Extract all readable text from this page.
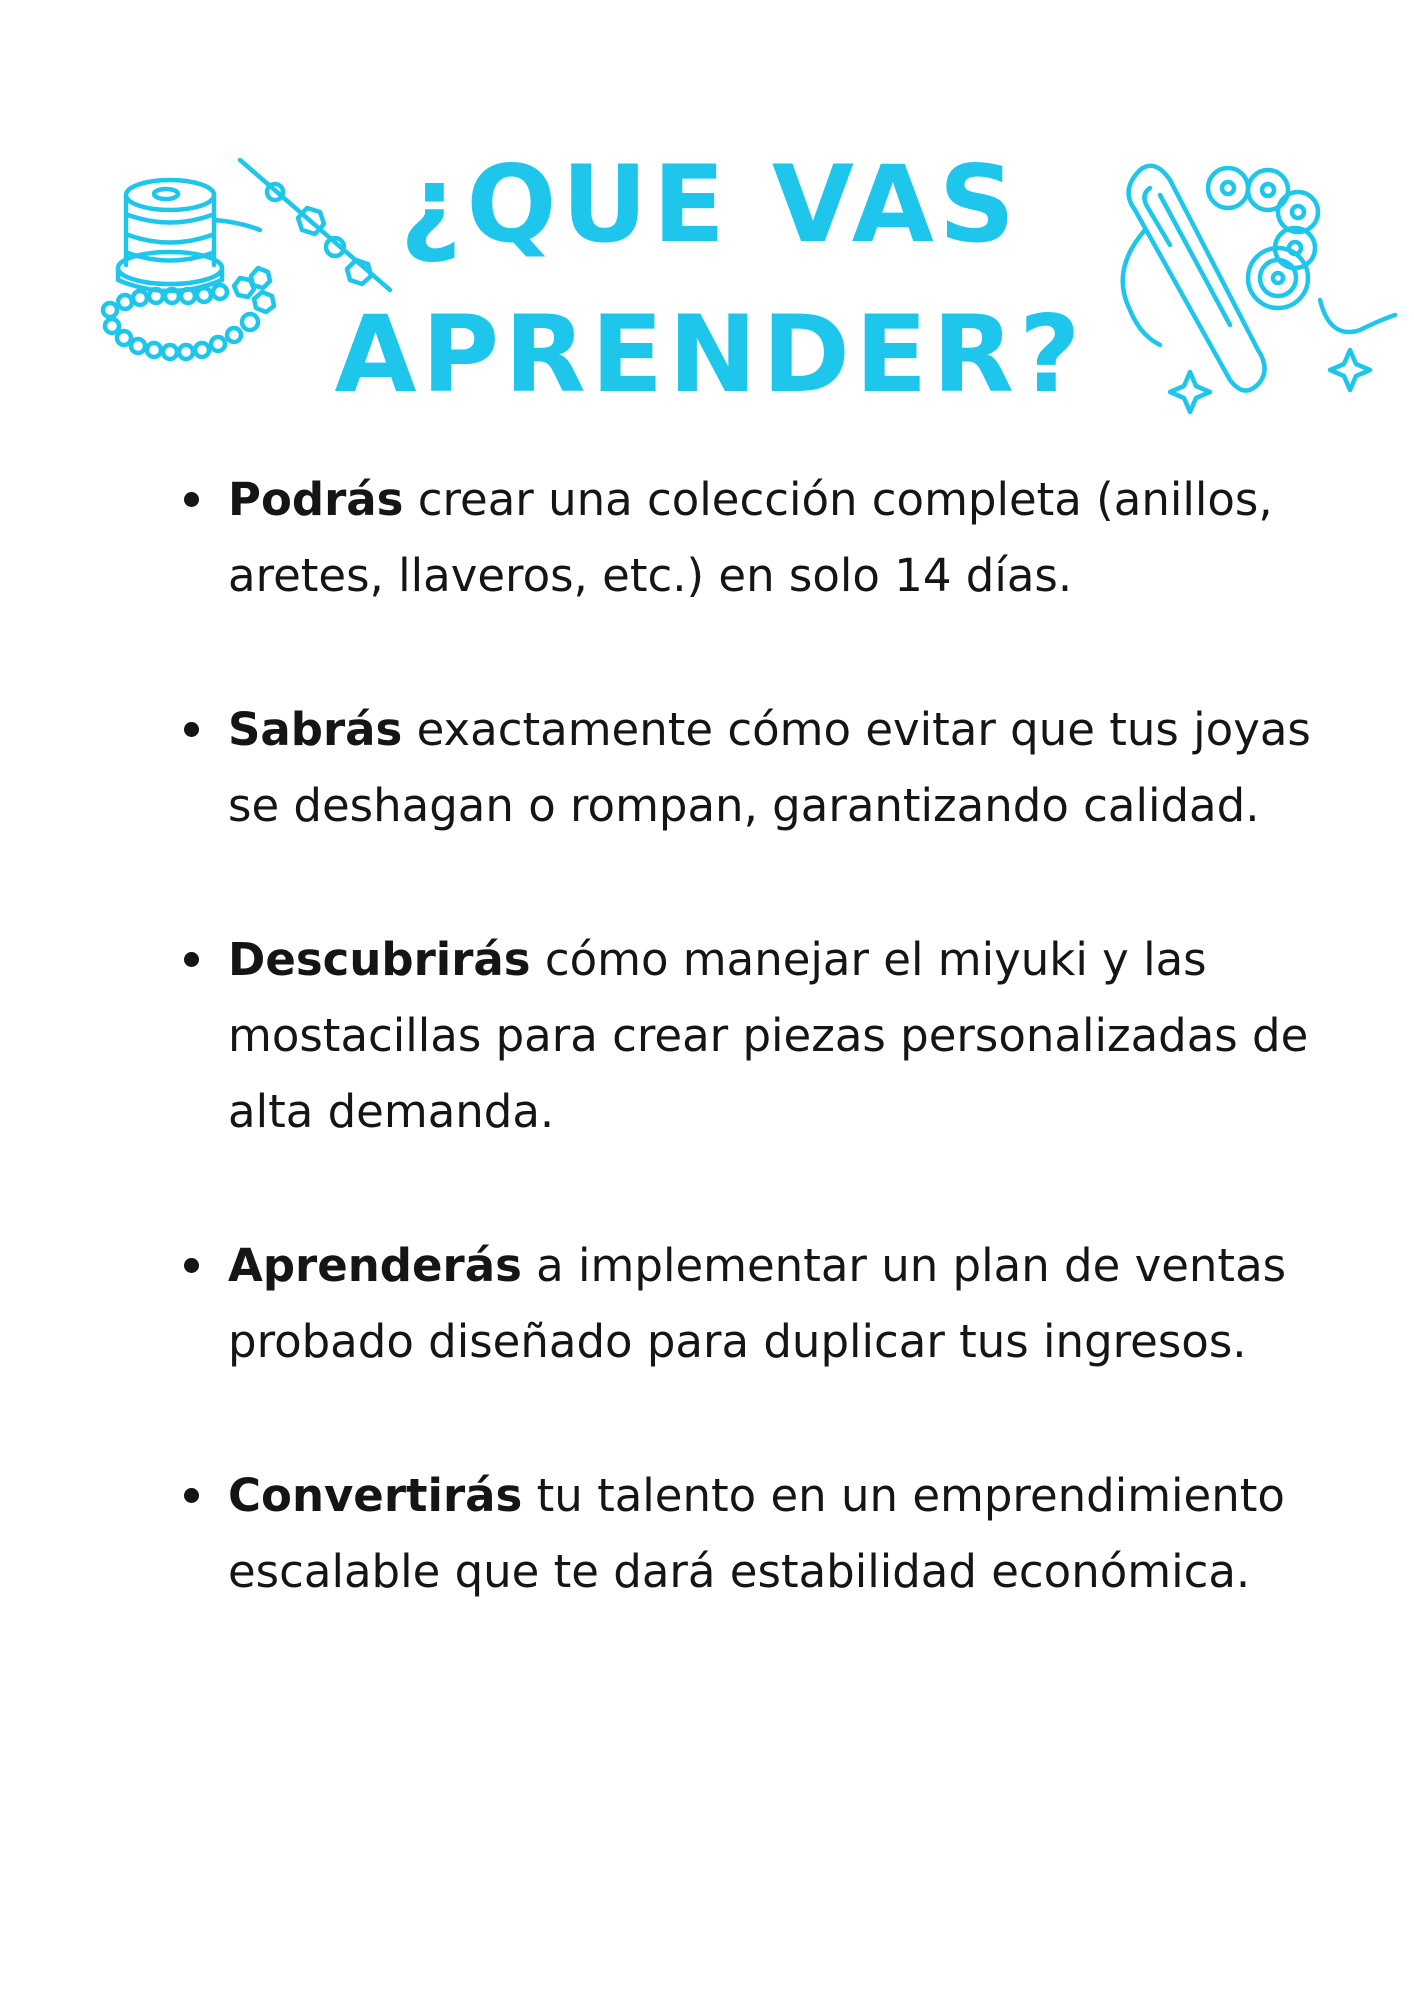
¿QUE VAS
APRENDER?
Podrás crear una colección completa (anillos, aretes, llaveros, etc.) en solo 14 días.
Sabrás exactamente cómo evitar que tus joyas se deshagan o rompan, garantizando calidad.
Descubrirás cómo manejar el miyuki y las mostacillas para crear piezas personalizadas de alta demanda.
Aprenderás a implementar un plan de ventas probado diseñado para duplicar tus ingresos.
Convertirás tu talento en un emprendimiento escalable que te dará estabilidad económica.
